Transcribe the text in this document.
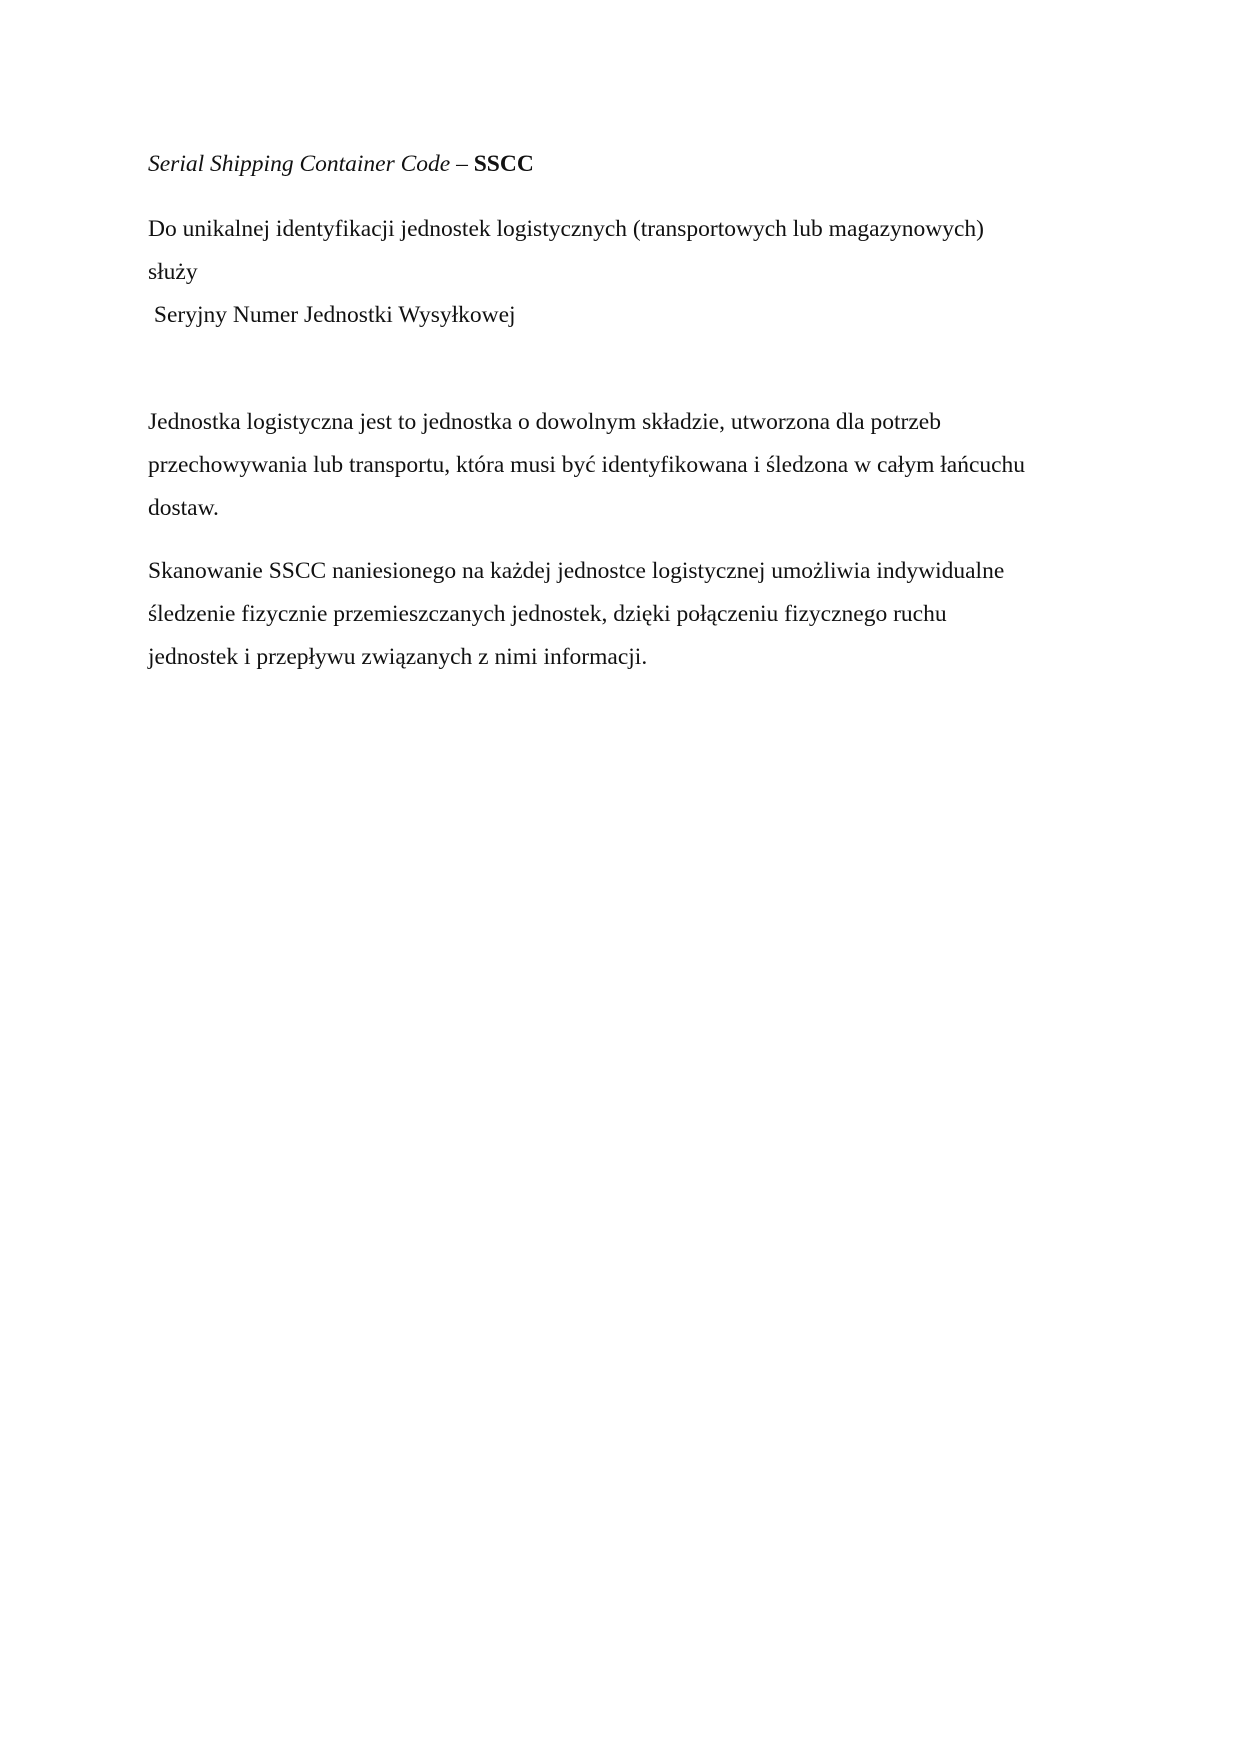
Serial Shipping Container Code – SSCC
Do unikalnej identyfikacji jednostek logistycznych (transportowych lub magazynowych)
służy
Seryjny Numer Jednostki Wysyłkowej
Jednostka logistyczna jest to jednostka o dowolnym składzie, utworzona dla potrzeb
przechowywania lub transportu, która musi być identyfikowana i śledzona w całym łańcuchu
dostaw.
Skanowanie SSCC naniesionego na każdej jednostce logistycznej umożliwia indywidualne
śledzenie fizycznie przemieszczanych jednostek, dzięki połączeniu fizycznego ruchu
jednostek i przepływu związanych z nimi informacji.
